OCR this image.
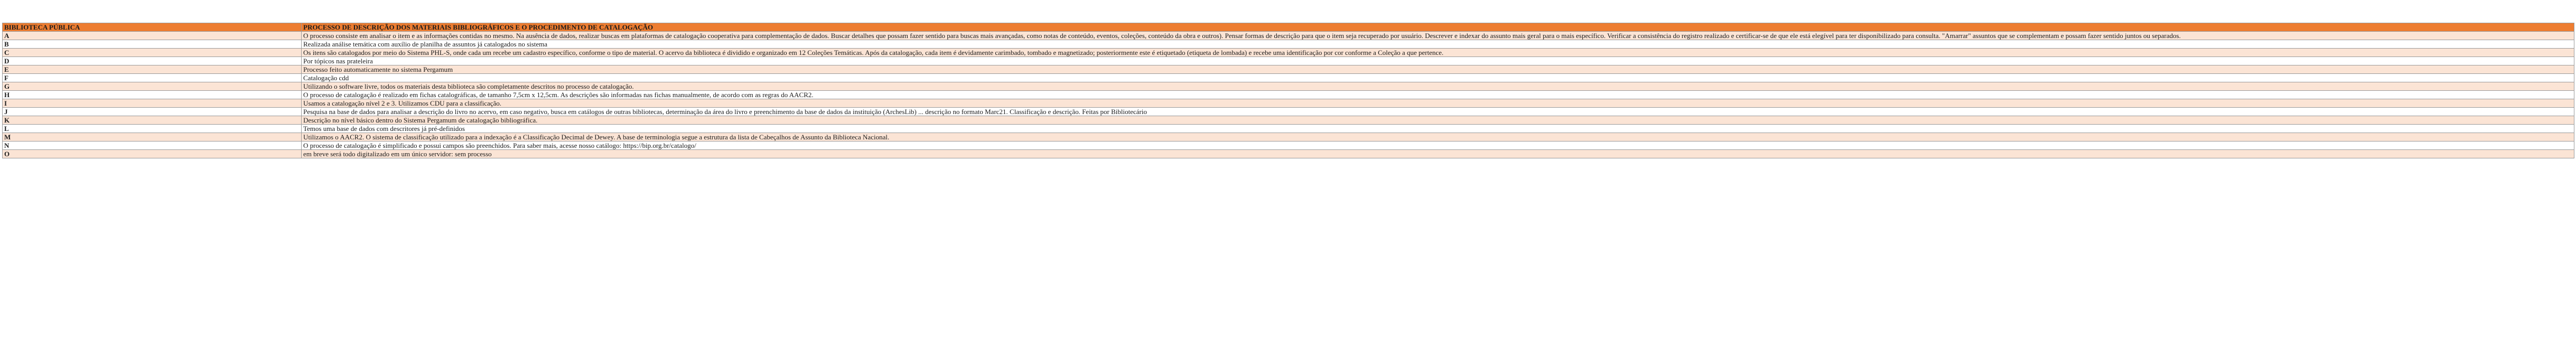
BIBLIOTECA PÚBLICA	PROCESSO DE DESCRIÇÃO DOS MATERIAIS BIBLIOGRÁFICOS E O PROCEDIMENTO DE CATALOGAÇÃO
A	O processo consiste em analisar o item e as informações contidas no mesmo. Na ausência de dados, realizar buscas em plataformas de catalogação cooperativa para complementação de dados. Buscar detalhes que possam fazer sentido para buscas mais avançadas, como notas de conteúdo, eventos, coleções, conteúdo da obra e outros). Pensar formas de descrição para que o item seja recuperado por usuário. Descrever e indexar do assunto mais geral para o mais específico. Verificar a consistência do registro realizado e certificar-se de que ele está elegível para ter disponibilizado para consulta. "Amarrar" assuntos que se complementam e possam fazer sentido juntos ou separados.
B	Realizada análise temática com auxílio de planilha de assuntos já catalogados no sistema
C	Os itens são catalogados por meio do Sistema PHL-S, onde cada um recebe um cadastro específico, conforme o tipo de material. O acervo da biblioteca é dividido e organizado em 12 Coleções Temáticas. Após da catalogação, cada item é devidamente carimbado, tombado e magnetizado; posteriormente este é etiquetado (etiqueta de lombada) e recebe uma identificação por cor conforme a Coleção a que pertence.
D	Por tópicos nas prateleira
E	Processo feito automaticamente no sistema Pergamum
F	Catalogação cdd
G	Utilizando o software livre, todos os materiais desta biblioteca são completamente descritos no processo de catalogação.
H	O processo de catalogação é realizado em fichas catalográficas, de tamanho 7,5cm x 12,5cm. As descrições são informadas nas fichas manualmente, de acordo com as regras do AACR2.
I	Usamos a catalogação nível 2 e 3. Utilizamos CDU para a classificação.
J	Pesquisa na base de dados para analisar a descrição do livro no acervo, em caso negativo, busca em catálogos de outras bibliotecas, determinação da área do livro e preenchimento da base de dados da instituição (ArchesLib) ... descrição no formato Marc21. Classificação e descrição. Feitas por Bibliotecário
K	Descrição no nível básico dentro do Sistema Pergamum de catalogação bibliográfica.
L	Temos uma base de dados com descritores já pré-definidos
M	Utilizamos o AACR2. O sistema de classificação utilizado para a indexação é a Classificação Decimal de Dewey. A base de terminologia segue a estrutura da lista de Cabeçalhos de Assunto da Biblioteca Nacional.
N	O processo de catalogação é simplificado e possui campos são preenchidos. Para saber mais, acesse nosso catálogo: https://bip.org.br/catalogo/
O	em breve será todo digitalizado em um único servidor: sem processo
